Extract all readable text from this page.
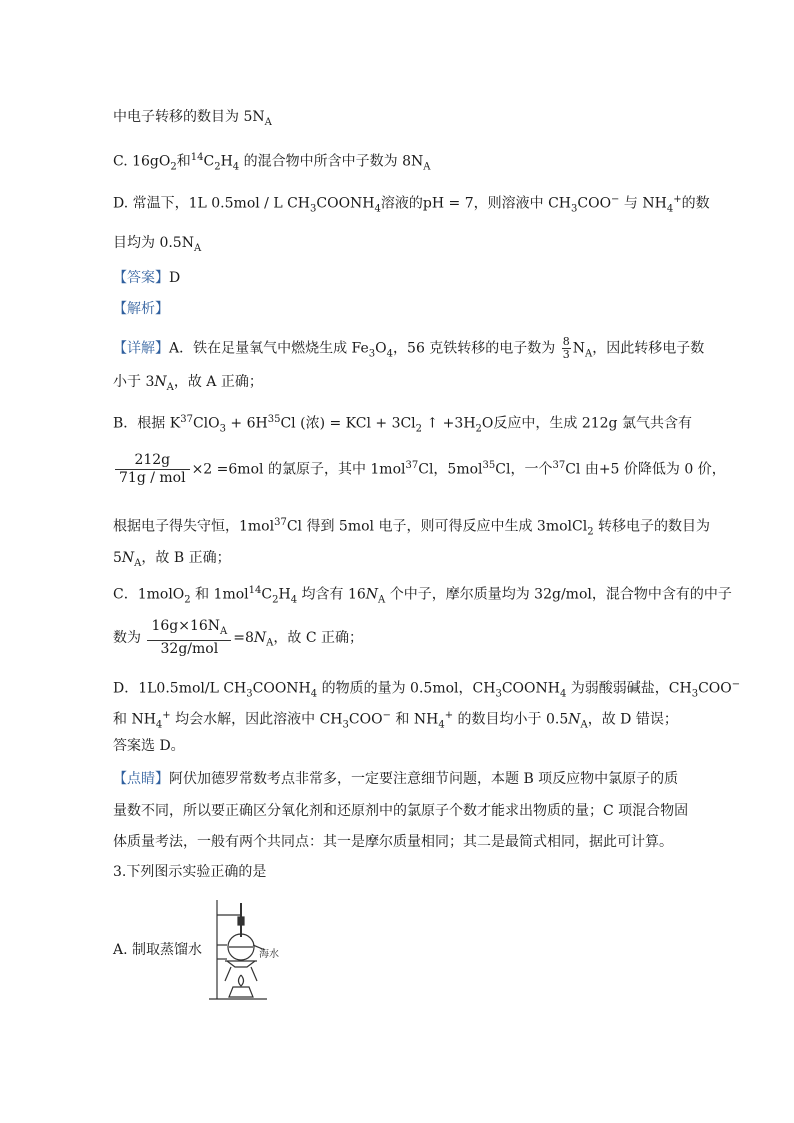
中电子转移的数目为 $5N_A$
C. $16gO_2$和$^{14}C_2H_4$ 的混合物中所含中子数为 $8N_A$
D. 常温下，1L 0.5mol / L $CH_3COONH_4$溶液的pH = 7，则溶液中 $CH_3COO^-$ 与 $NH_4^+$的数
目均为 $0.5N_A$
【答案】D
【解析】
【详解】A．铁在足量氧气中燃烧生成 $Fe_3O_4$，56 克铁转移的电子数为 $\frac{8}{3} N_A$，因此转移电子数
小于 $3N_A$，故 A 正确；
B．根据 $K^{37}ClO_3 + 6H^{35}Cl$ (浓) = KCl + $3Cl_2$ ↑ $+3H_2O$反应中，生成 212g 氯气共含有
$\frac{212g}{\text{71g / mol}} \times 2 =6mol$ 的氯原子，其中 1mol$^{37}$Cl，5mol$^{35}$Cl，一个$^{37}$Cl 由+5 价降低为 0 价，
根据电子得失守恒，1mol$^{37}$Cl 得到 5mol 电子，则可得反应中生成 3molCl$_2$ 转移电子的数目为
$5N_A$，故 B 正确；
C．1molO$_2$ 和 $1mol^{14}C_2H_4$ 均含有 $16N_A$ 个中子，摩尔质量均为 32g/mol，混合物中含有的中子
数为 $\frac{16g\times 16N_A}{\text{32g/mol}} =8N_A$，故 C 正确；
D．1L0.5mol/L $CH_3COONH_4$ 的物质的量为 0.5mol，$CH_3COONH_4$ 为弱酸弱碱盐，$CH_3COO^-$
和 $NH_4^+$ 均会水解，因此溶液中 $CH_3COO^-$ 和 $NH_4^+$ 的数目均小于 $0.5N_A$，故 D 错误；
答案选 D。
【点睛】阿伏加德罗常数考点非常多，一定要注意细节问题，本题 B 项反应物中氯原子的质
量数不同，所以要正确区分氧化剂和还原剂中的氯原子个数才能求出物质的量；C 项混合物固
体质量考法，一般有两个共同点：其一是摩尔质量相同；其二是最简式相同，据此可计算。
3.下列图示实验正确的是
A. 制取蒸馏水	海水
